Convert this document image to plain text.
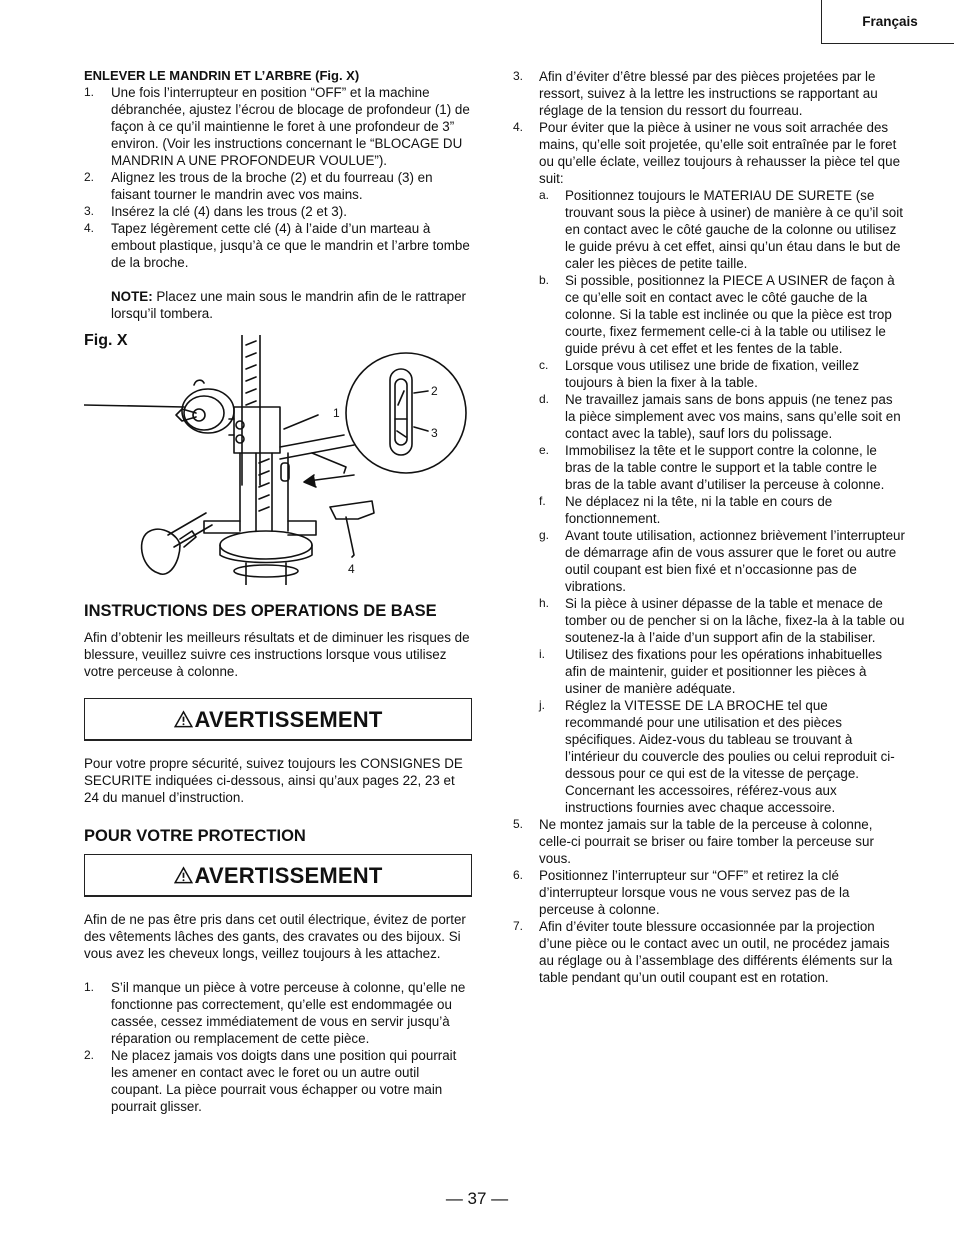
Français
ENLEVER LE MANDRIN ET L’ARBRE (Fig. X)
1. Une fois l’interrupteur en position “OFF” et la machine débranchée, ajustez l’écrou de blocage de profondeur (1) de façon à ce qu’il maintienne le foret à une profondeur de 3” environ. (Voir les instructions concernant le “BLOCAGE DU MANDRIN A UNE PROFONDEUR VOULUE”).
2. Alignez les trous de la broche (2) et du fourreau (3) en faisant tourner le mandrin avec vos mains.
3. Insérez la clé (4) dans les trous (2 et 3).
4. Tapez légèrement cette clé (4) à l’aide d’un marteau à embout plastique, jusqu’à ce que le mandrin et l’arbre tombe de la broche.
NOTE: Placez une main sous le mandrin afin de le rattraper lorsqu’il tombera.
Fig. X
1
2
3
4
INSTRUCTIONS DES OPERATIONS DE BASE
Afin d’obtenir les meilleurs résultats et de diminuer les risques de blessure, veuillez suivre ces instructions lorsque vous utilisez votre perceuse à colonne.
AVERTISSEMENT
Pour votre propre sécurité, suivez toujours les CONSIGNES DE SECURITE indiquées ci-dessous, ainsi qu’aux pages 22, 23 et 24 du manuel d’instruction.
POUR VOTRE PROTECTION
AVERTISSEMENT
Afin de ne pas être pris dans cet outil électrique, évitez de porter des vêtements lâches des gants, des cravates ou des bijoux. Si vous avez les cheveux longs, veillez toujours à les attachez.
1. S’il manque un pièce à votre perceuse à colonne, qu’elle ne fonctionne pas correctement, qu’elle est endommagée ou cassée, cessez immédiatement de vous en servir jusqu’à réparation ou remplacement de cette pièce.
2. Ne placez jamais vos doigts dans une position qui pourrait les amener en contact avec le foret ou un autre outil coupant. La pièce pourrait vous échapper ou votre main pourrait glisser.
3. Afin d’éviter d’être blessé par des pièces projetées par le ressort, suivez à la lettre les instructions se rapportant au réglage de la tension du ressort du fourreau.
4. Pour éviter que la pièce à usiner ne vous soit arrachée des mains, qu’elle soit projetée, qu’elle soit entraînée par le foret ou qu’elle éclate, veillez toujours à rehausser la pièce tel que suit:
a. Positionnez toujours le MATERIAU DE SURETE (se trouvant sous la pièce à usiner) de manière à ce qu’il soit en contact avec le côté gauche de la colonne ou utilisez le guide prévu à cet effet, ainsi qu’un étau dans le but de caler les pièces de petite taille.
b. Si possible, positionnez la PIECE A USINER de façon à ce qu’elle soit en contact avec le côté gauche de la colonne. Si la table est inclinée ou que la pièce est trop courte, fixez fermement celle-ci à la table ou utilisez le guide prévu à cet effet et les fentes de la table.
c. Lorsque vous utilisez une bride de fixation, veillez toujours à bien la fixer à la table.
d. Ne travaillez jamais sans de bons appuis (ne tenez pas la pièce simplement avec vos mains, sans qu’elle soit en contact avec la table), sauf lors du polissage.
e. Immobilisez la tête et le support contre la colonne, le bras de la table contre le support et la table contre le bras de la table avant d’utiliser la perceuse à colonne.
f. Ne déplacez ni la tête, ni la table en cours de fonctionnement.
g. Avant toute utilisation, actionnez brièvement l’interrupteur de démarrage afin de vous assurer que le foret ou autre outil coupant est bien fixé et n’occasionne pas de vibrations.
h. Si la pièce à usiner dépasse de la table et menace de tomber ou de pencher si on la lâche, fixez-la à la table ou soutenez-la à l’aide d’un support afin de la stabiliser.
i. Utilisez des fixations pour les opérations inhabituelles afin de maintenir, guider et positionner les pièces à usiner de manière adéquate.
j. Réglez la VITESSE DE LA BROCHE tel que recommandé pour une utilisation et des pièces spécifiques. Aidez-vous du tableau se trouvant à l’intérieur du couvercle des poulies ou celui reproduit ci-dessous pour ce qui est de la vitesse de perçage. Concernant les accessoires, référez-vous aux instructions fournies avec chaque accessoire.
5. Ne montez jamais sur la table de la perceuse à colonne, celle-ci pourrait se briser ou faire tomber la perceuse sur vous.
6. Positionnez l’interrupteur sur “OFF” et retirez la clé d’interrupteur lorsque vous ne vous servez pas de la perceuse à colonne.
7. Afin d’éviter toute blessure occasionnée par la projection d’une pièce ou le contact avec un outil, ne procédez jamais au réglage ou à l’assemblage des différents éléments sur la table pendant qu’un outil coupant est en rotation.
— 37 —
